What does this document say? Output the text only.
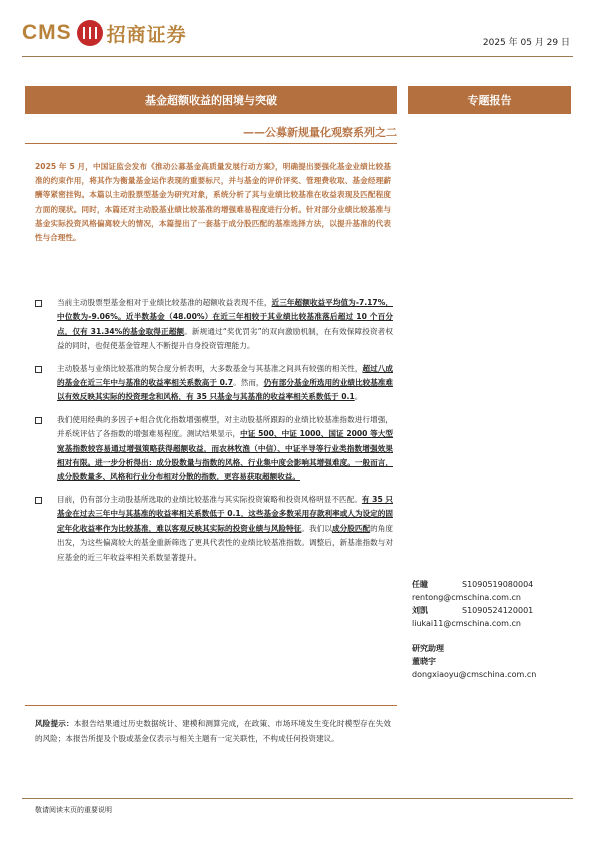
CMS 招商证券	2025 年 05 月 29 日
基金超额收益的困境与突破	专题报告
——公募新规量化观察系列之二
2025 年 5 月，中国证监会发布《推动公募基金高质量发展行动方案》，明确提出要强化基金业绩比较基准的约束作用，将其作为衡量基金运作表现的重要标尺，并与基金的评价评奖、管理费收取、基金经理薪酬等紧密挂钩。本篇以主动股票型基金为研究对象，系统分析了其与业绩比较基准在收益表现及匹配程度方面的现状。同时，本篇还对主动股基业绩比较基准的增强难易程度进行分析。针对部分业绩比较基准与基金实际投资风格偏离较大的情况，本篇提出了一套基于成分股匹配的基准选择方法，以提升基准的代表性与合理性。
当前主动股票型基金相对于业绩比较基准的超额收益表现不佳，近三年超额收益平均值为-7.17%，中位数为-9.06%。近半数基金（48.00%）在近三年相较于其业绩比较基准落后超过 10 个百分点，仅有 31.34%的基金取得正超额。新规通过“奖优罚劣”的双向激励机制，在有效保障投资者权益的同时，也促使基金管理人不断提升自身投资管理能力。
主动股基与业绩比较基准的契合度分析表明，大多数基金与其基准之间具有较强的相关性，超过八成的基金在近三年中与基准的收益率相关系数高于 0.7。然而，仍有部分基金所选用的业绩比较基准难以有效反映其实际的投资理念和风格，有 35 只基金与其基准的收益率相关系数低于 0.1。
我们使用经典的多因子+组合优化指数增强模型，对主动股基所跟踪的业绩比较基准指数进行增强，并系统评估了各指数的增强难易程度。测试结果显示，中证 500、中证 1000、国证 2000 等大型宽基指数较容易通过增强策略获得超额收益，而农林牧渔（中信）、中证半导等行业类指数增强效果相对有限。进一步分析得出：成分股数量与指数的风格、行业集中度会影响其增强难度。一般而言，成分股数量多、风格和行业分布相对分散的指数，更容易获取超额收益。
目前，仍有部分主动股基所选取的业绩比较基准与其实际投资策略和投资风格明显不匹配。有 35 只基金在过去三年中与其基准的收益率相关系数低于 0.1，这些基金多数采用存款利率或人为设定的固定年化收益率作为比较基准，难以客观反映其实际的投资业绩与风险特征。我们以成分股匹配的角度出发，为这些偏离较大的基金重新筛选了更具代表性的业绩比较基准指数。调整后，新基准指数与对应基金的近三年收益率相关系数显著提升。
任瞳	S1090519080004
rentong@cmschina.com.cn
刘凯	S1090524120001
liukai11@cmschina.com.cn
研究助理
董晓宇
dongxiaoyu@cmschina.com.cn
风险提示：本报告结果通过历史数据统计、建模和测算完成，在政策、市场环境发生变化时模型存在失效的风险；本报告所提及个股或基金仅表示与相关主题有一定关联性，不构成任何投资建议。
敬请阅读末页的重要说明
